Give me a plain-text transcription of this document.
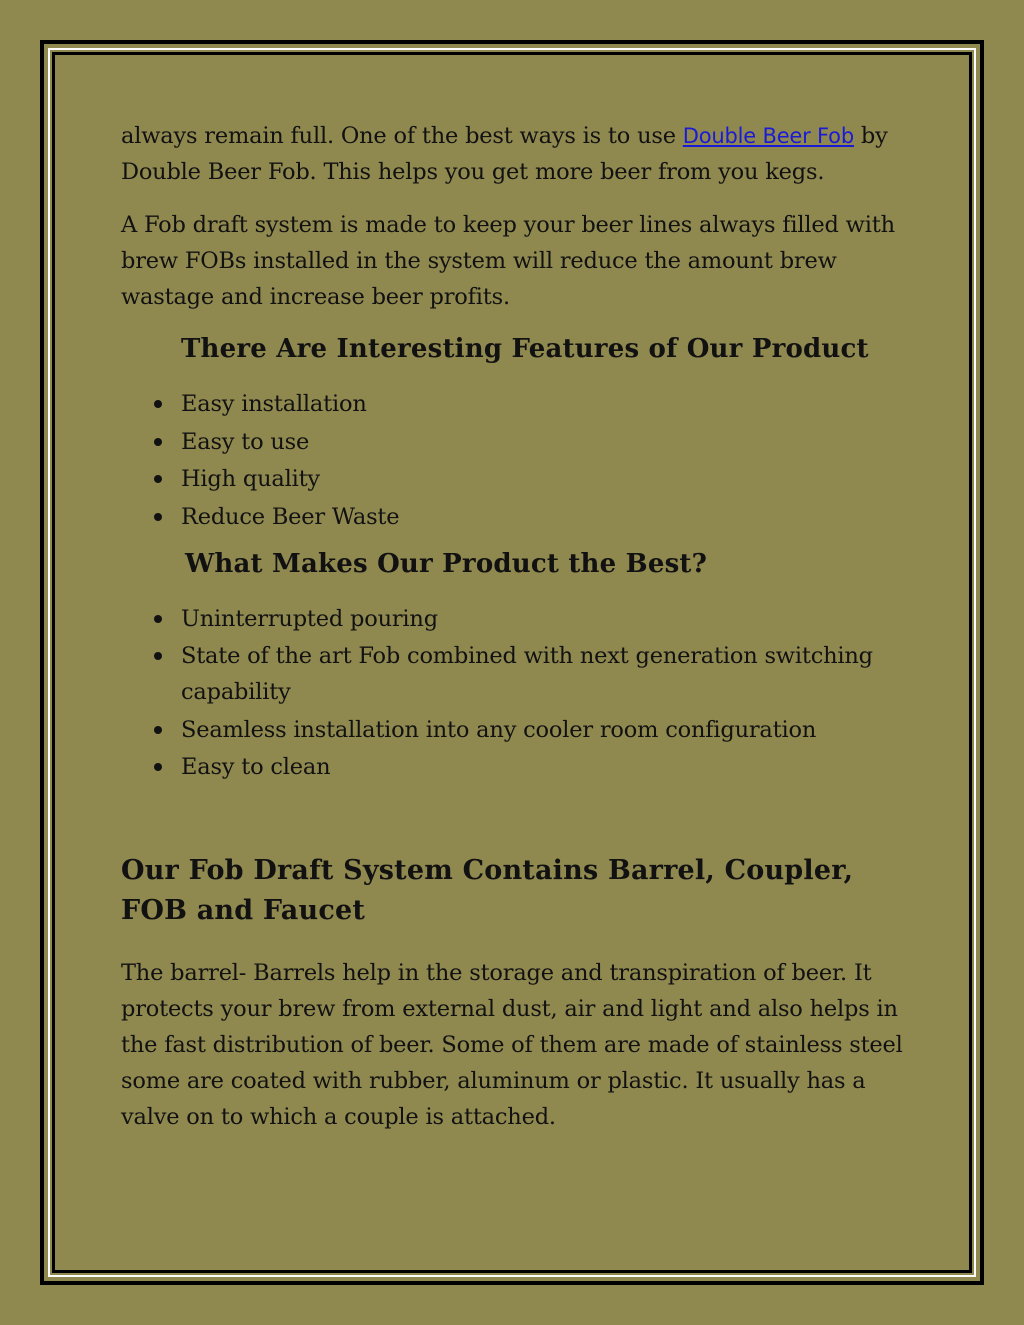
always remain full. One of the best ways is to use Double Beer Fob by Double Beer Fob. This helps you get more beer from you kegs.

A Fob draft system is made to keep your beer lines always filled with brew FOBs installed in the system will reduce the amount brew wastage and increase beer profits.

There Are Interesting Features of Our Product
Easy installation
Easy to use
High quality
Reduce Beer Waste
What Makes Our Product the Best?
Uninterrupted pouring
State of the art Fob combined with next generation switching capability
Seamless installation into any cooler room configuration
Easy to clean
Our Fob Draft System Contains Barrel, Coupler, FOB and Faucet

The barrel- Barrels help in the storage and transpiration of beer. It protects your brew from external dust, air and light and also helps in the fast distribution of beer. Some of them are made of stainless steel some are coated with rubber, aluminum or plastic. It usually has a valve on to which a couple is attached.
